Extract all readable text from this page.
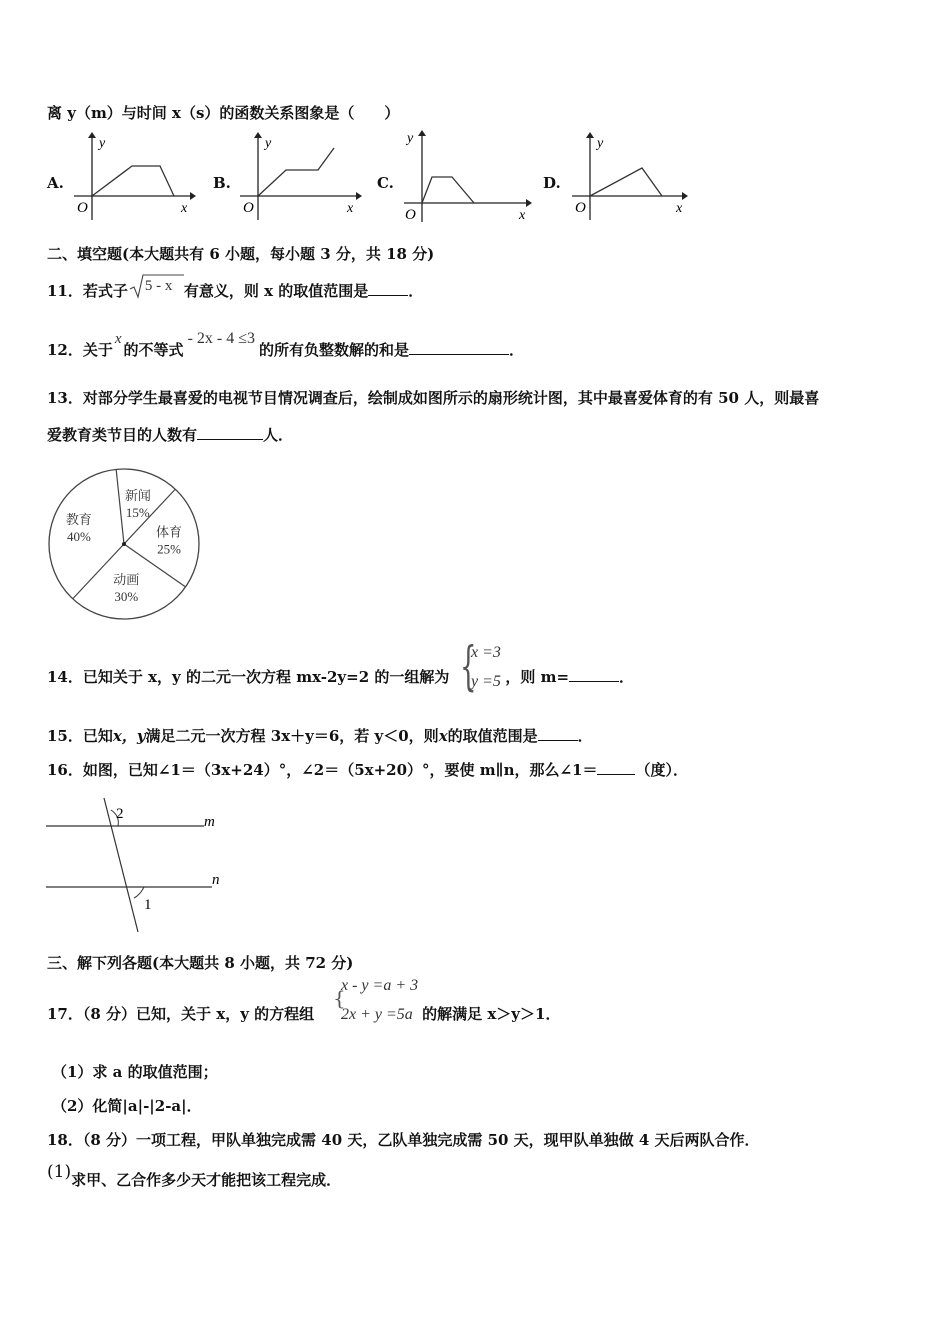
离 y（m）与时间 x（s）的函数关系图象是（　　）
A.
y
O	x
B.
y
O	x
C.
y
O	x
D.
y
O	x
二、填空题(本大题共有 6 小题，每小题 3 分，共 18 分)
11．若式子 5 - x 有意义，则 x 的取值范围是	．
12．关于x的不等式- 2x - 4 ≤3的所有负整数解的和是	．
13．对部分学生最喜爱的电视节目情况调查后，绘制成如图所示的扇形统计图，其中最喜爱体育的有 50 人，则最喜
爱教育类节目的人数有	人．
新闻
15%
体育
25%
动画
30%
教育
40%
14．已知关于 x，y 的二元一次方程 mx-2y=2 的一组解为	，则 m=	．
{
x =3
y =5
15．已知x，y满足二元一次方程 3x＋y＝6，若 y＜0，则x的取值范围是	．
16．如图，已知∠1＝（3x+24）°，∠2＝（5x+20）°，要使 m∥n，那么∠1＝	（度）．
2
1
m
n
三、解下列各题(本大题共 8 小题，共 72 分)
17．（8 分）已知，关于 x，y 的方程组	的解满足 x＞y＞1．
{
x - y =a + 3
2x + y =5a
（1）求 a 的取值范围；
（2）化简|a|-|2-a|．
18．（8 分）一项工程，甲队单独完成需 40 天，乙队单独完成需 50 天，现甲队单独做 4 天后两队合作．
(1)求甲、乙合作多少天才能把该工程完成．
